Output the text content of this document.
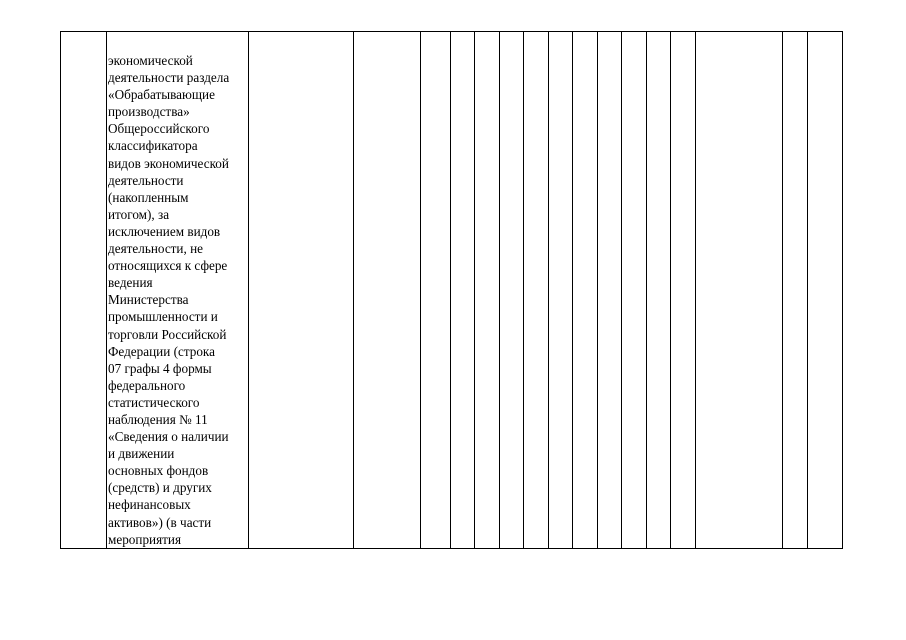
экономической
деятельности раздела
«Обрабатывающие
производства»
Общероссийского
классификатора
видов экономической
деятельности
(накопленным
итогом), за
исключением видов
деятельности, не
относящихся к сфере
ведения
Министерства
промышленности и
торговли Российской
Федерации (строка
07 графы 4 формы
федерального
статистического
наблюдения № 11
«Сведения о наличии
и движении
основных фондов
(средств) и других
нефинансовых
активов») (в части
мероприятия
